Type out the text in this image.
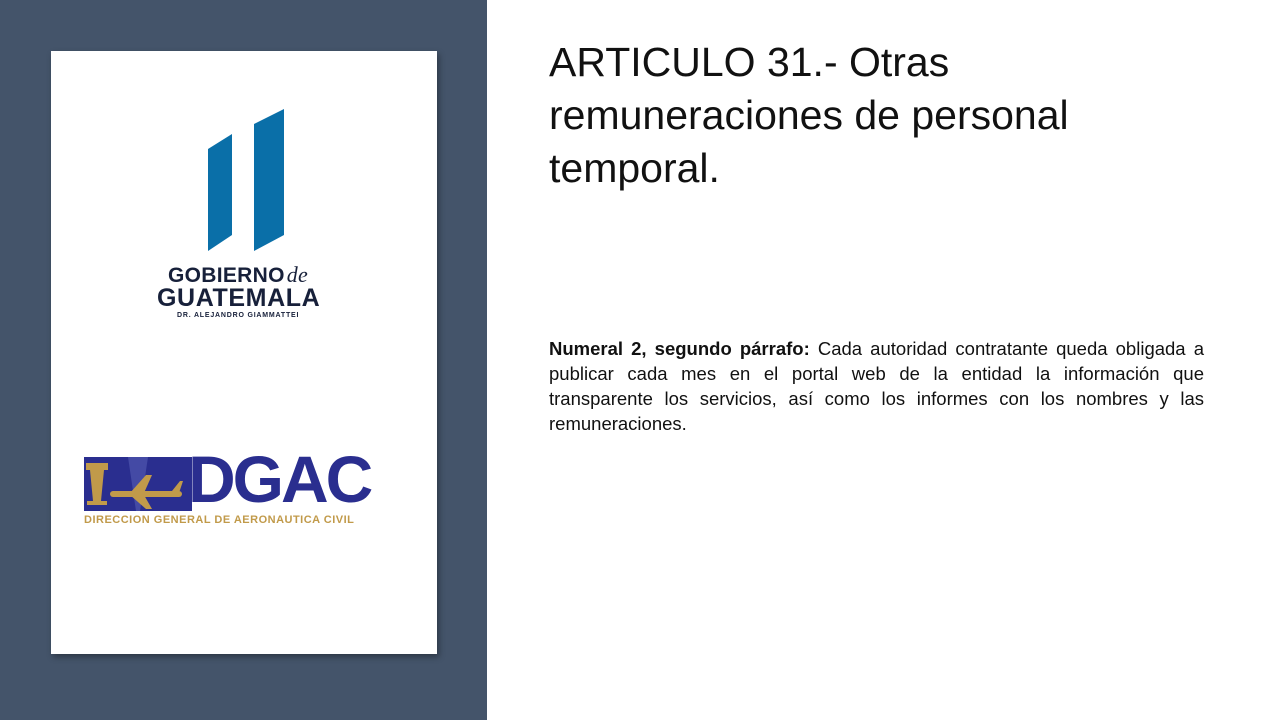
GOBIERNOde
GUATEMALA
DR. ALEJANDRO GIAMMATTEI
DGAC
DIRECCION GENERAL DE AERONAUTICA CIVIL
ARTICULO 31.- Otras remuneraciones de personal temporal.

Numeral 2, segundo párrafo: Cada autoridad contratante queda obligada a publicar cada mes en el portal web de la entidad la información que transparente los servicios, así como los informes con los nombres y las remuneraciones.
